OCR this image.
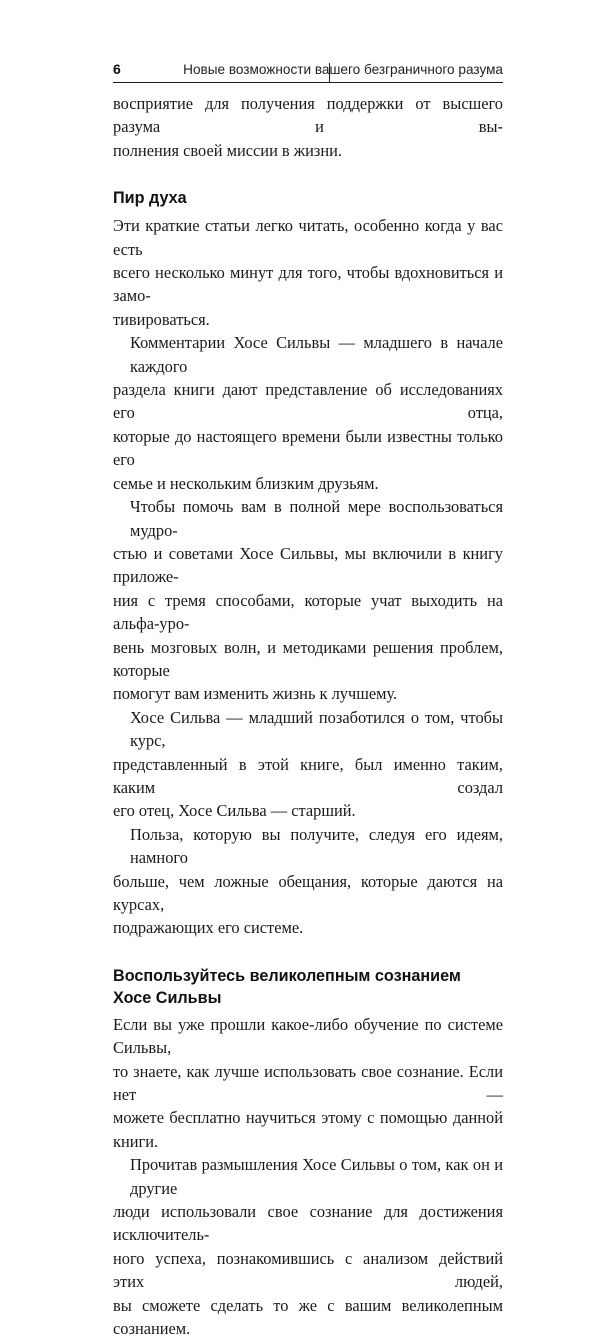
6	Новые возможности вашего безграничного разума

восприятие для получения поддержки от высшего разума и вы-
полнения своей миссии в жизни.

Пир духа

Эти краткие статьи легко читать, особенно когда у вас есть
всего несколько минут для того, чтобы вдохновиться и замо-
тивироваться.

Комментарии Хосе Сильвы — младшего в начале каждого
раздела книги дают представление об исследованиях его отца,
которые до настоящего времени были известны только его
семье и нескольким близким друзьям.

Чтобы помочь вам в полной мере воспользоваться мудро-
стью и советами Хосе Сильвы, мы включили в книгу приложе-
ния с тремя способами, которые учат выходить на альфа-уро-
вень мозговых волн, и методиками решения проблем, которые
помогут вам изменить жизнь к лучшему.

Хосе Сильва — младший позаботился о том, чтобы курс,
представленный в этой книге, был именно таким, каким создал
его отец, Хосе Сильва — старший.

Польза, которую вы получите, следуя его идеям, намного
больше, чем ложные обещания, которые даются на курсах,
подражающих его системе.

Воспользуйтесь великолепным сознанием Хосе Сильвы

Если вы уже прошли какое-либо обучение по системе Сильвы,
то знаете, как лучше использовать свое сознание. Если нет —
можете бесплатно научиться этому с помощью данной книги.

Прочитав размышления Хосе Сильвы о том, как он и другие
люди использовали свое сознание для достижения исключитель-
ного успеха, познакомившись с анализом действий этих людей,
вы сможете сделать то же с вашим великолепным сознанием.
